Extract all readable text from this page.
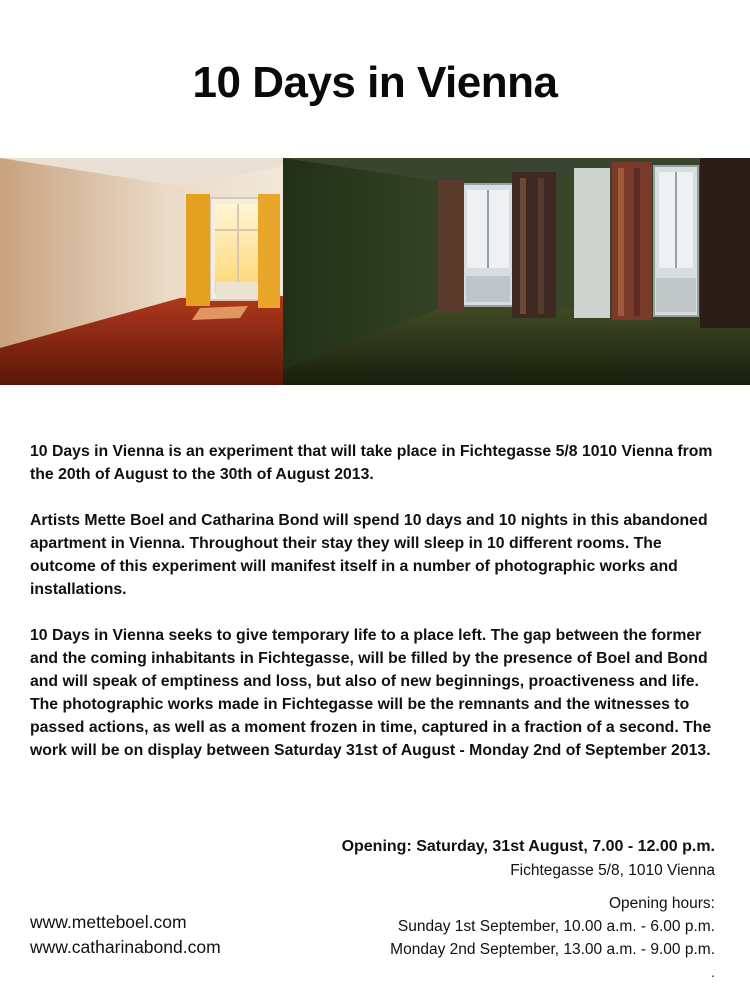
10 Days in Vienna

10 Days in Vienna is an experiment that will take place in Fichtegasse 5/8 1010 Vienna from the 20th of August to the 30th of August 2013.

Artists Mette Boel and Catharina Bond will spend 10 days and 10 nights in this abandoned apartment in Vienna. Throughout their stay they will sleep in 10 different rooms. The outcome of this experiment will manifest itself in a number of photographic works and installations.

10 Days in Vienna seeks to give temporary life to a place left. The gap between the former and the coming inhabitants in Fichtegasse, will be filled by the presence of Boel and Bond and will speak of emptiness and loss, but also of new beginnings, proactiveness and life. The photographic works made in Fichtegasse will be the remnants and the witnesses to passed actions, as well as a moment frozen in time, captured in a fraction of a second. The work will be on display between Saturday 31st of August - Monday 2nd of September 2013.

Opening: Saturday, 31st August, 7.00 - 12.00 p.m.
Fichtegasse 5/8, 1010 Vienna
Opening hours:
Sunday 1st September, 10.00 a.m. - 6.00 p.m.
Monday 2nd September, 13.00 a.m. - 9.00 p.m.
.
www.metteboel.com
www.catharinabond.com
